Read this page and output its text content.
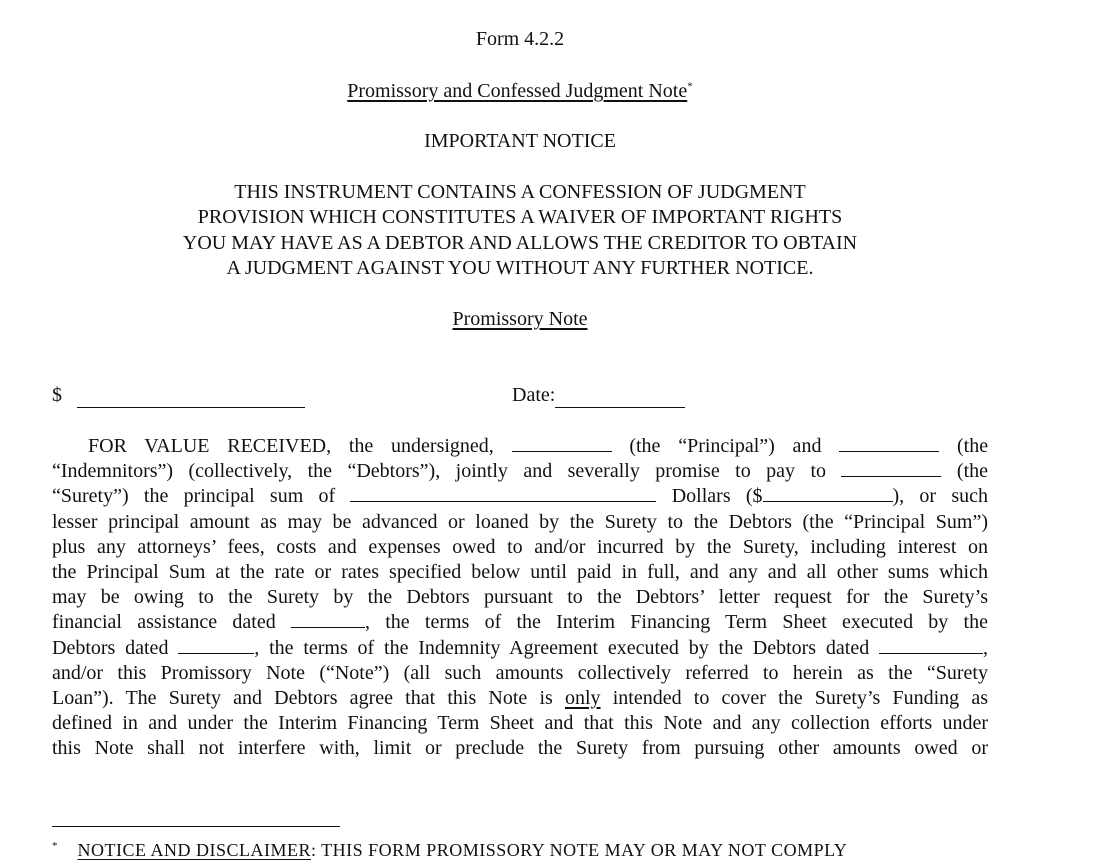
Form 4.2.2
Promissory and Confessed Judgment Note*
IMPORTANT NOTICE
THIS INSTRUMENT CONTAINS A CONFESSION OF JUDGMENT
PROVISION WHICH CONSTITUTES A WAIVER OF IMPORTANT RIGHTS
YOU MAY HAVE AS A DEBTOR AND ALLOWS THE CREDITOR TO OBTAIN
A JUDGMENT AGAINST YOU WITHOUT ANY FURTHER NOTICE.
Promissory Note
$	Date:
FOR VALUE RECEIVED, the undersigned,	(the “Principal”) and	(the
“Indemnitors”) (collectively, the “Debtors”), jointly and severally promise to pay to	(the
“Surety”) the principal sum of	Dollars ($	), or such
lesser principal amount as may be advanced or loaned by the Surety to the Debtors (the “Principal Sum”)
plus any attorneys’ fees, costs and expenses owed to and/or incurred by the Surety, including interest on
the Principal Sum at the rate or rates specified below until paid in full, and any and all other sums which
may be owing to the Surety by the Debtors pursuant to the Debtors’ letter request for the Surety’s
financial assistance dated	, the terms of the Interim Financing Term Sheet executed by the
Debtors dated	, the terms of the Indemnity Agreement executed by the Debtors dated	,
and/or this Promissory Note (“Note”) (all such amounts collectively referred to herein as the “Surety
Loan”). The Surety and Debtors agree that this Note is only intended to cover the Surety’s Funding as
defined in and under the Interim Financing Term Sheet and that this Note and any collection efforts under
this Note shall not interfere with, limit or preclude the Surety from pursuing other amounts owed or
* NOTICE AND DISCLAIMER: THIS FORM PROMISSORY NOTE MAY OR MAY NOT COMPLY
